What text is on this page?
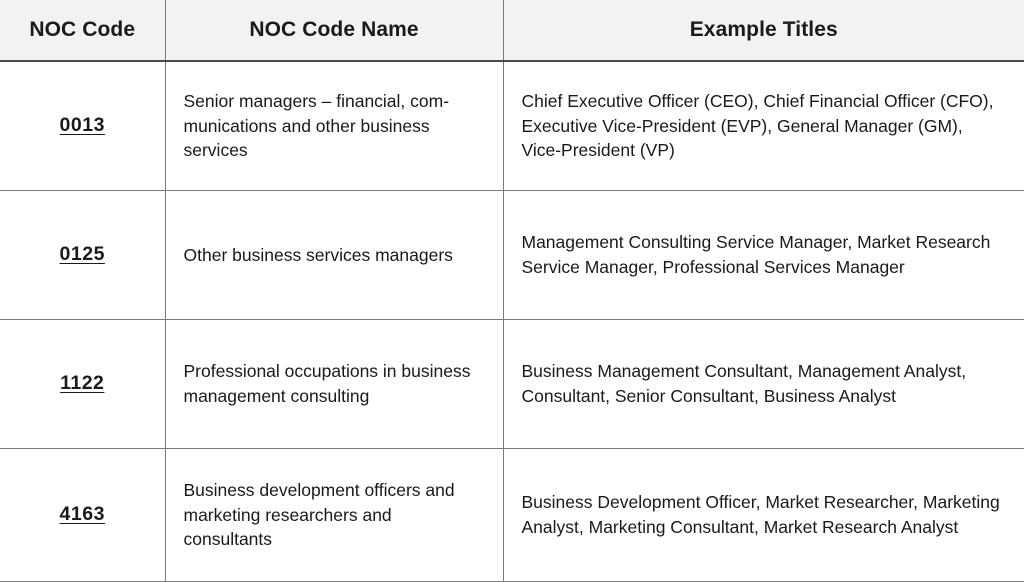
NOC Code	NOC Code Name	Example Titles
0013	Senior managers – financial, com-munications and other business services	Chief Executive Officer (CEO), Chief Financial Officer (CFO), Executive Vice-President (EVP), General Manager (GM), Vice-President (VP)
0125	Other business services managers	Management Consulting Service Manager, Market Research Service Manager, Professional Services Manager
1122	Professional occupations in business management consulting	Business Management Consultant, Management Analyst, Consultant, Senior Consultant, Business Analyst
4163	Business development officers and marketing researchers and consultants	Business Development Officer, Market Researcher, Marketing Analyst, Marketing Consultant, Market Research Analyst
